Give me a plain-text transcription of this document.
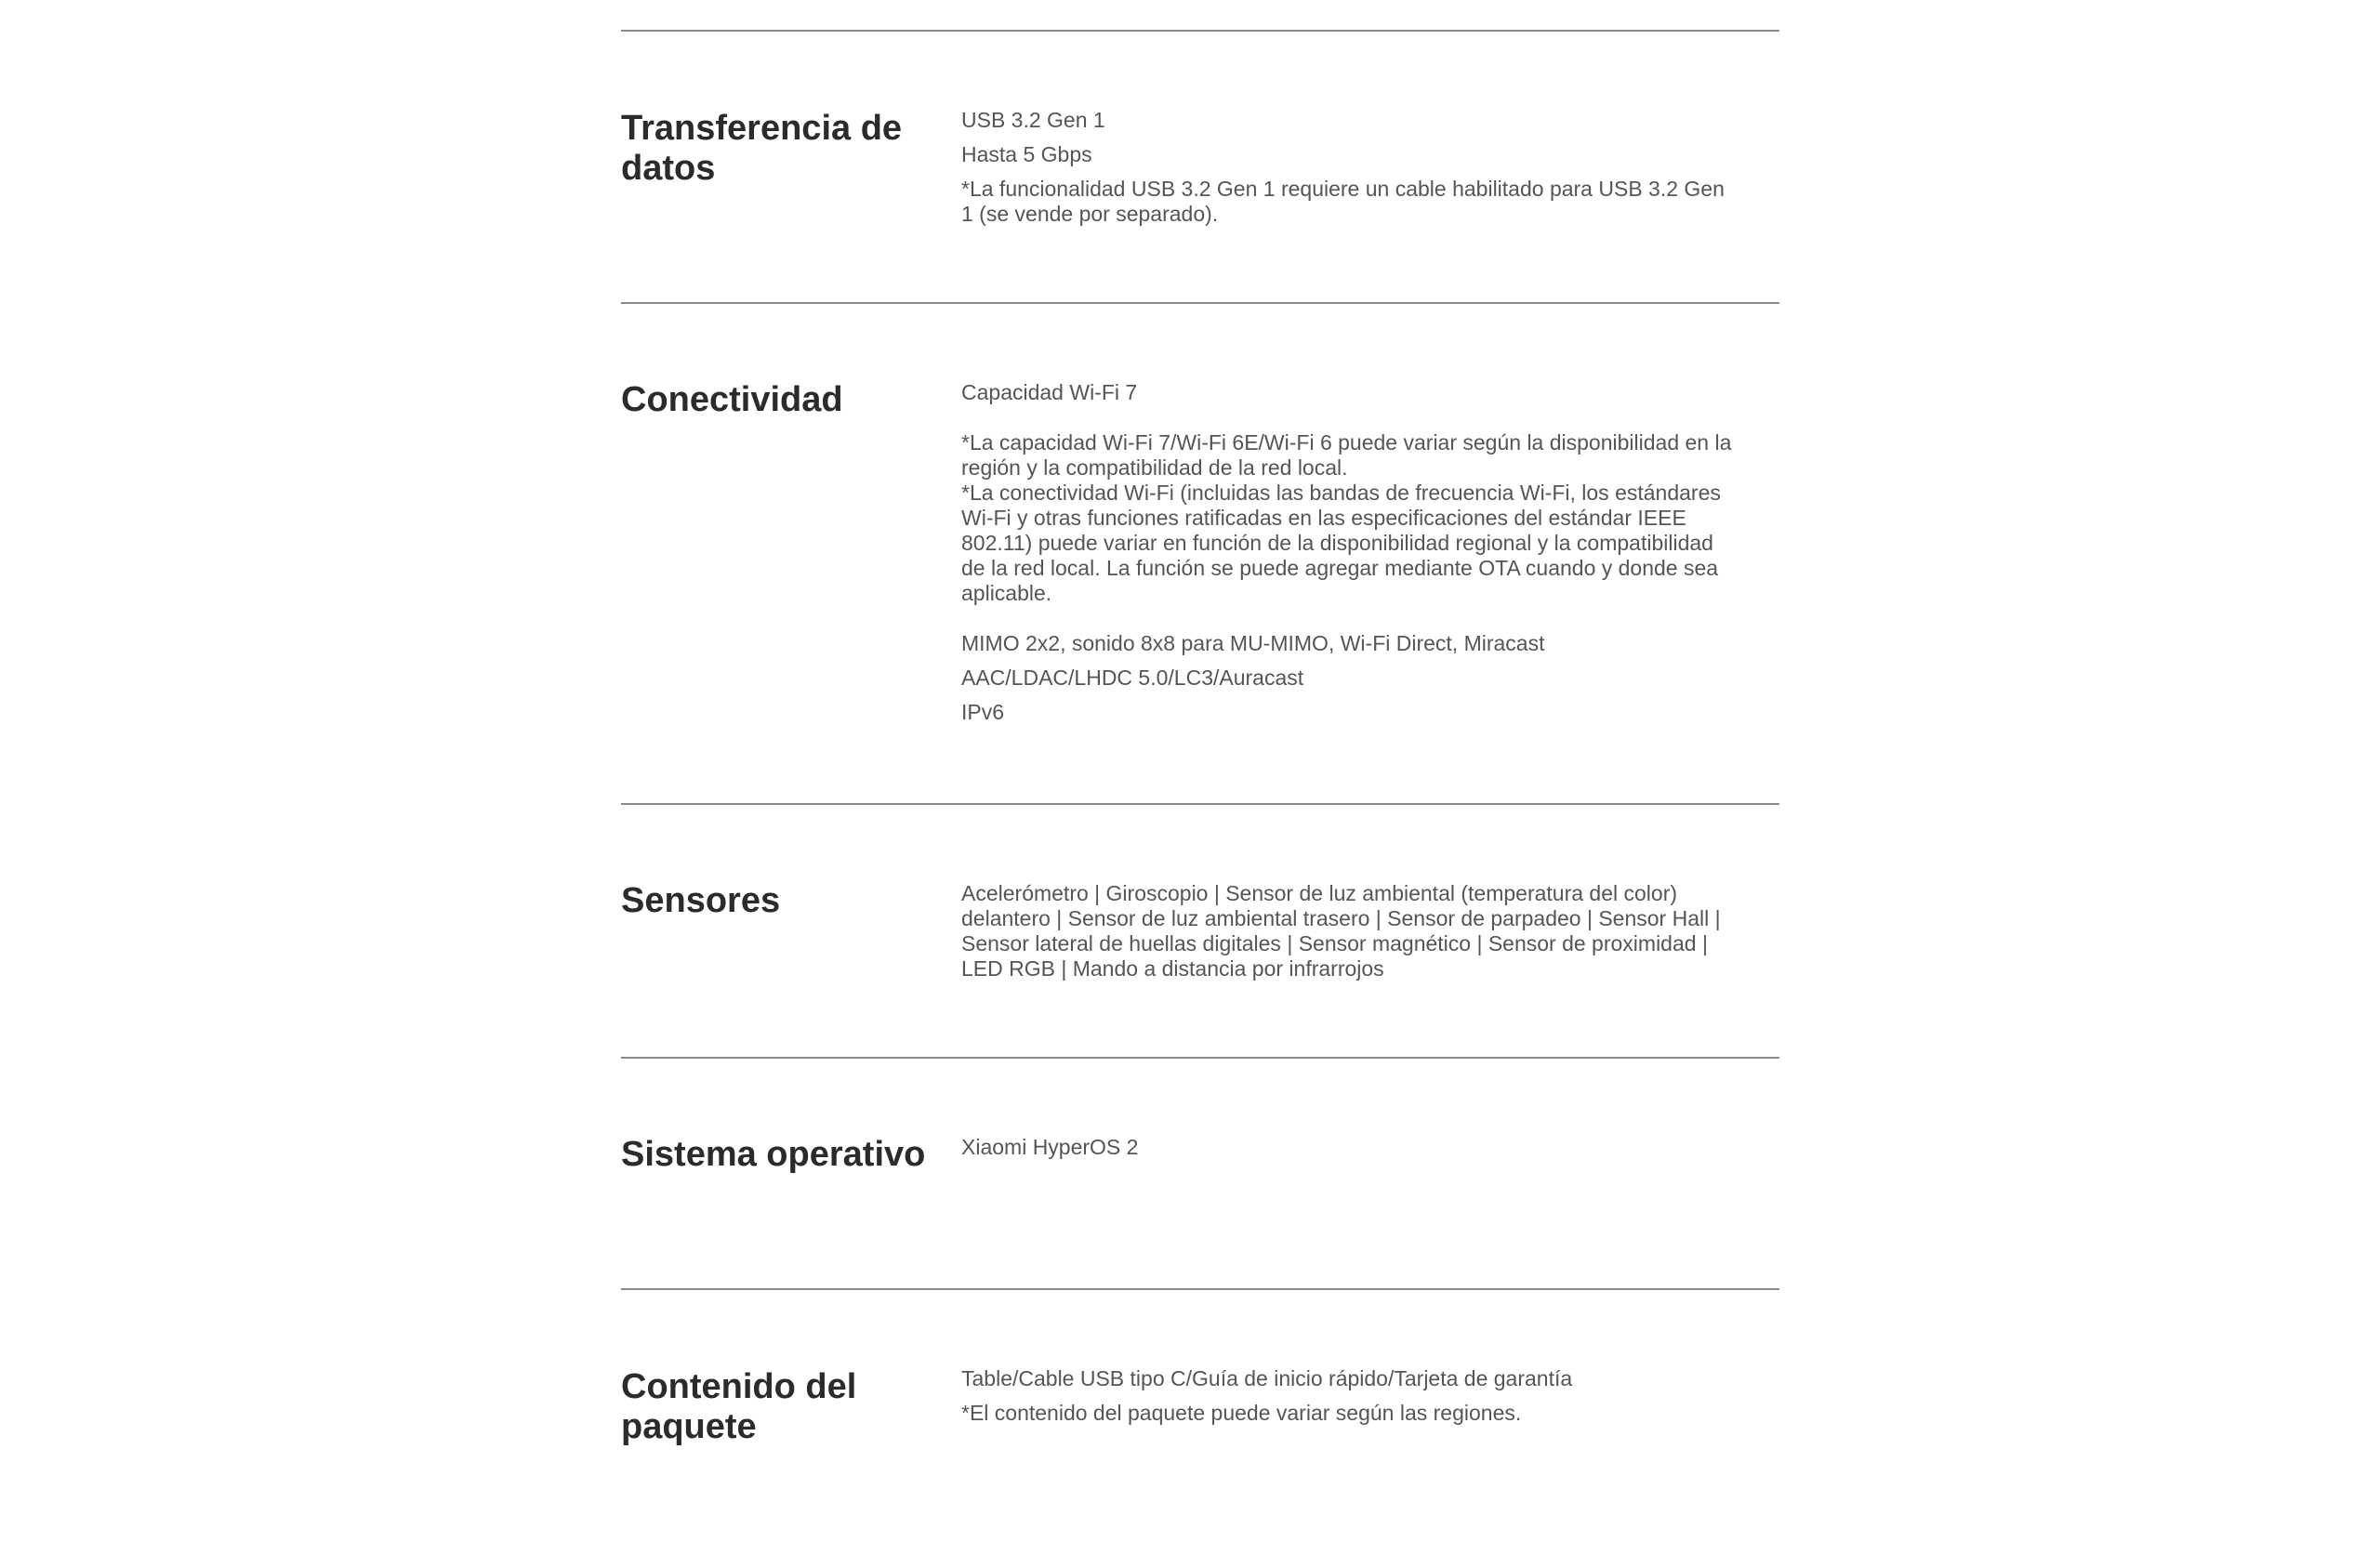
Transferencia de datos
USB 3.2 Gen 1
Hasta 5 Gbps
*La funcionalidad USB 3.2 Gen 1 requiere un cable habilitado para USB 3.2 Gen 1 (se vende por separado).
Conectividad	Capacidad Wi-Fi 7
*La capacidad Wi-Fi 7/Wi-Fi 6E/Wi-Fi 6 puede variar según la disponibilidad en la región y la compatibilidad de la red local.
*La conectividad Wi-Fi (incluidas las bandas de frecuencia Wi-Fi, los estándares Wi-Fi y otras funciones ratificadas en las especificaciones del estándar IEEE 802.11) puede variar en función de la disponibilidad regional y la compatibilidad de la red local. La función se puede agregar mediante OTA cuando y donde sea aplicable.
MIMO 2x2, sonido 8x8 para MU-MIMO, Wi-Fi Direct, Miracast
AAC/LDAC/LHDC 5.0/LC3/Auracast
IPv6
Sensores	Acelerómetro | Giroscopio | Sensor de luz ambiental (temperatura del color) delantero | Sensor de luz ambiental trasero | Sensor de parpadeo | Sensor Hall | Sensor lateral de huellas digitales | Sensor magnético | Sensor de proximidad | LED RGB | Mando a distancia por infrarrojos
Sistema operativo Xiaomi HyperOS 2
Contenido del paquete
Table/Cable USB tipo C/Guía de inicio rápido/Tarjeta de garantía
*El contenido del paquete puede variar según las regiones.
